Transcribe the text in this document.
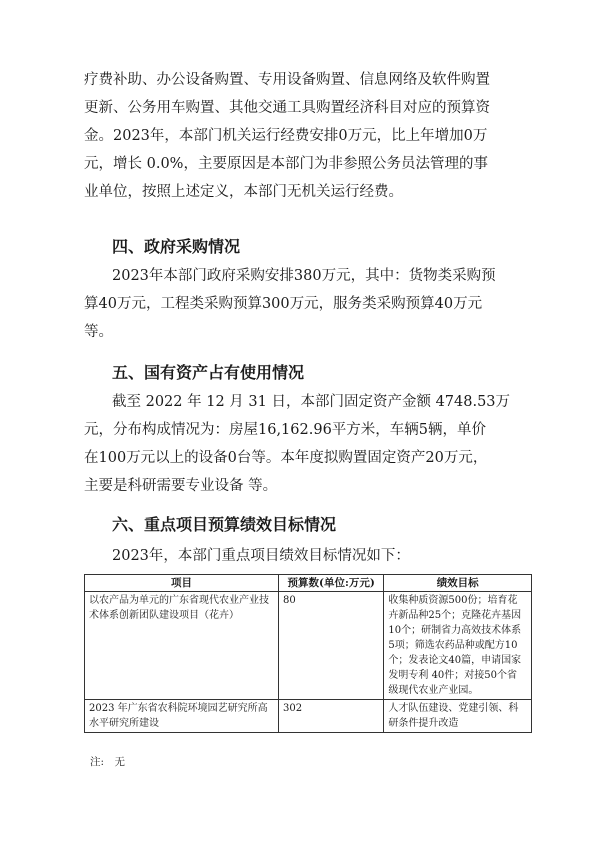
疗费补助、办公设备购置、专用设备购置、信息网络及软件购置
更新、公务用车购置、其他交通工具购置经济科目对应的预算资
金。2023年，本部门机关运行经费安排0万元，比上年增加0万
元，增长 0.0%，主要原因是本部门为非参照公务员法管理的事
业单位，按照上述定义，本部门无机关运行经费。
四、政府采购情况
2023年本部门政府采购安排380万元，其中：货物类采购预
算40万元，工程类采购预算300万元，服务类采购预算40万元
等。
五、国有资产占有使用情况
截至 2022 年 12 月 31 日，本部门固定资产金额 4748.53万
元，分布构成情况为：房屋16,162.96平方米，车辆5辆，单价
在100万元以上的设备0台等。本年度拟购置固定资产20万元，
主要是科研需要专业设备 等。
六、重点项目预算绩效目标情况

2023年，本部门重点项目绩效目标情况如下：

项目	预算数(单位:万元)	绩效目标
以农产品为单元的广东省现代农业产业技术体系创新团队建设项目（花卉）	80	收集种质资源500份；培育花卉新品种25个；克隆花卉基因10个；研制省力高效技术体系5项；筛选农药品种或配方10个；发表论文40篇，申请国家发明专利 40件；对接50个省级现代农业产业园。
2023 年广东省农科院环境园艺研究所高水平研究所建设	302	人才队伍建设、党建引领、科研条件提升改造

注:　无
